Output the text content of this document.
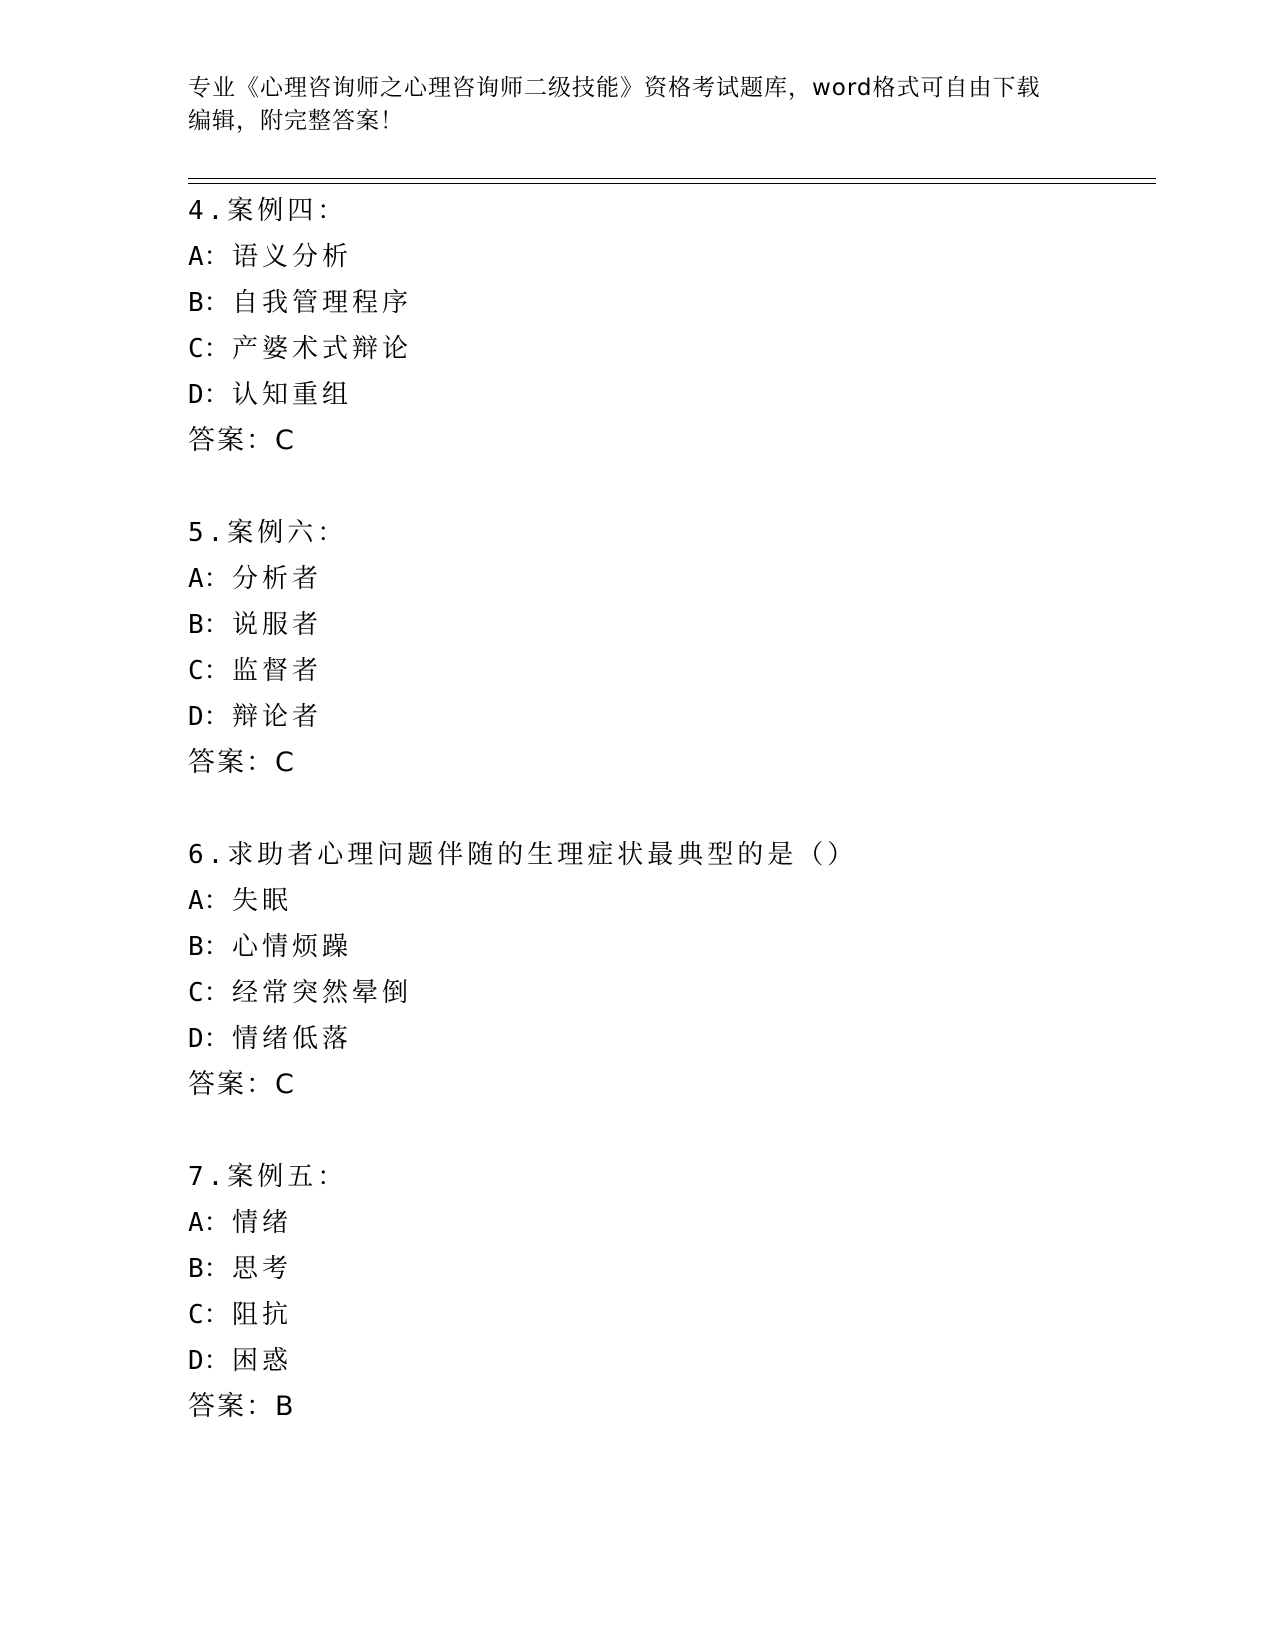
专业《心理咨询师之心理咨询师二级技能》资格考试题库，word格式可自由下载
编辑，附完整答案！
4.案例四：
A：语义分析
B：自我管理程序
C：产婆术式辩论
D：认知重组
答案：C
5.案例六：
A：分析者
B：说服者
C：监督者
D：辩论者
答案：C
6.求助者心理问题伴随的生理症状最典型的是（）
A：失眠
B：心情烦躁
C：经常突然晕倒
D：情绪低落
答案：C
7.案例五：
A：情绪
B：思考
C：阻抗
D：困惑
答案：B
